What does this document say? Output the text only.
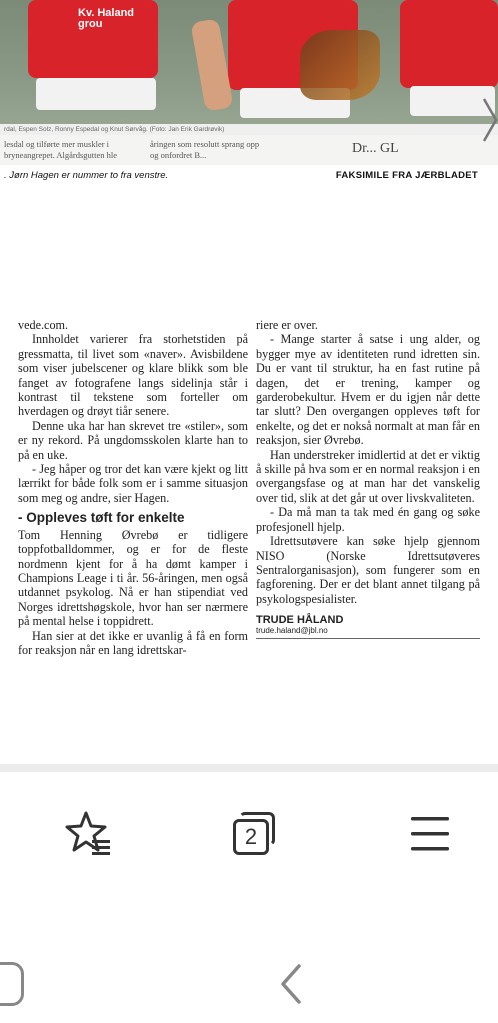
Kv. Haland grou
rdal, Espen Solz, Ronny Espedal og Knut Sørvåg. (Foto: Jan Erik Gardrøvik)
lesdal og tilførte mer muskler i	åringen som resolutt sprang opp
bryneangrepet. Algårdsgutten hle	og onfordret B...	Dr... GL
. Jørn Hagen er nummer to fra venstre.	FAKSIMILE FRA JÆRBLADET

vede.com.

Innholdet varierer fra storhetstiden på gressmatta, til livet som «naver». Avisbildene som viser jubelscener og klare blikk som ble fanget av fotografene langs sidelinja står i kontrast til tekstene som forteller om hverdagen og drøyt tiår senere.

Denne uka har han skrevet tre «stiler», som er ny rekord. På ungdomsskolen klarte han to på en uke.

- Jeg håper og tror det kan være kjekt og litt lærrikt for både folk som er i samme situasjon som meg og andre, sier Hagen.

- Oppleves tøft for enkelte

Tom Henning Øvrebø er tidligere toppfotballdommer, og er for de fleste nordmenn kjent for å ha dømt kamper i Champions Leage i ti år. 56-åringen, men også utdannet psykolog. Nå er han stipendiat ved Norges idrettshøgskole, hvor han ser nærmere på mental helse i toppidrett.

Han sier at det ikke er uvanlig å få en form for reaksjon når en lang idrettskar-

riere er over.

- Mange starter å satse i ung alder, og bygger mye av identiteten rund idretten sin. Du er vant til struktur, ha en fast rutine på dagen, det er trening, kamper og garderobekultur. Hvem er du igjen når dette tar slutt? Den overgangen oppleves tøft for enkelte, og det er nokså normalt at man får en reaksjon, sier Øvrebø.

Han understreker imidlertid at det er viktig å skille på hva som er en normal reaksjon i en overgangsfase og at man har det vanskelig over tid, slik at det går ut over livskvaliteten.

- Da må man ta tak med én gang og søke profesjonell hjelp.

Idrettsutøvere kan søke hjelp gjennom NISO (Norske Idrettsutøveres Sentralorganisasjon), som fungerer som en fagforening. Der er det blant annet tilgang på psykologspesialister.

TRUDE HÅLAND

trude.haland@jbl.no

2
